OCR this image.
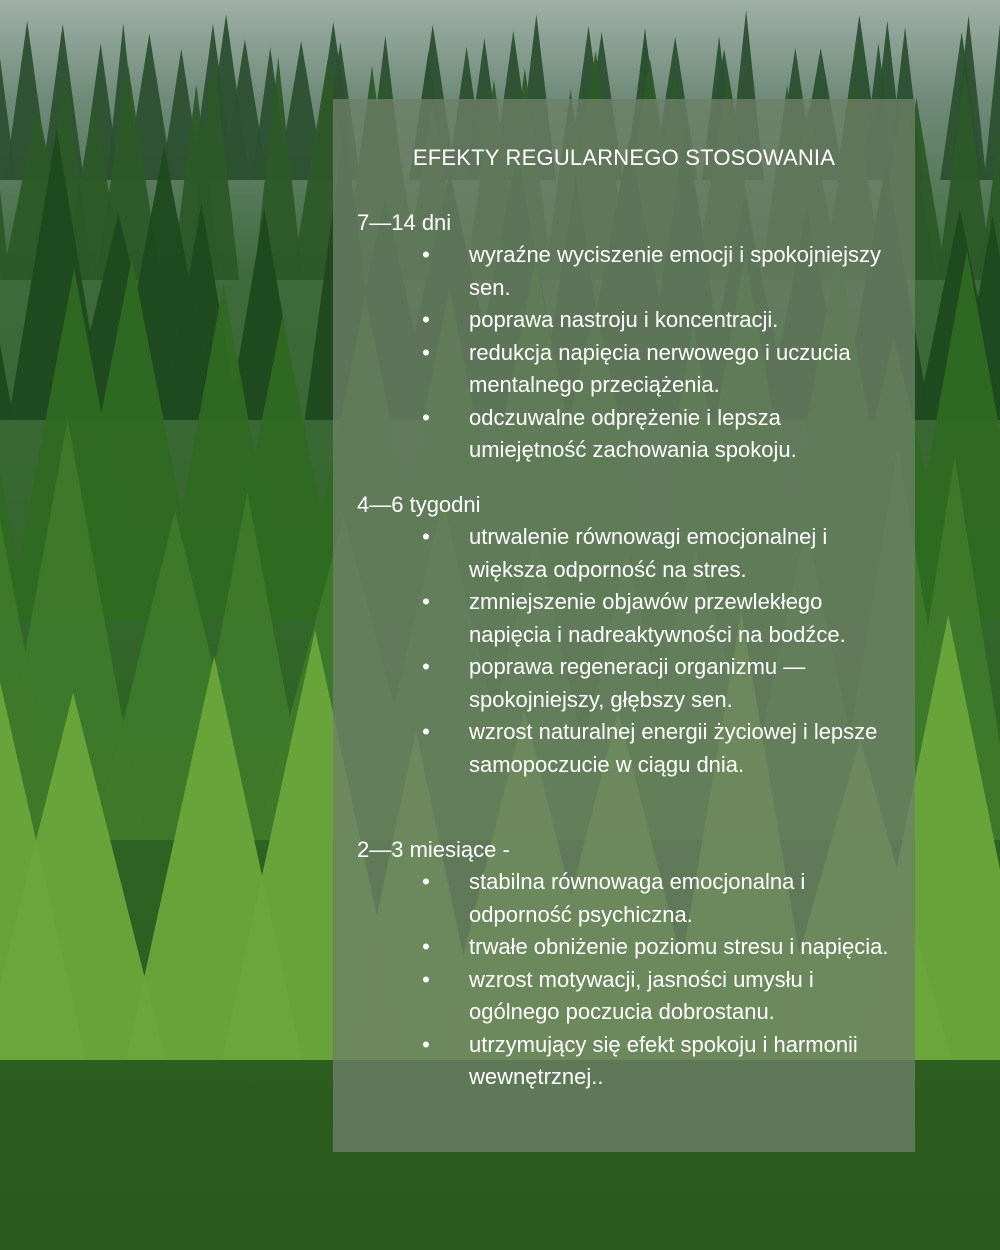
EFEKTY REGULARNEGO STOSOWANIA

7—14 dni

• wyraźne wyciszenie emocji i spokojniejszy sen.
• poprawa nastroju i koncentracji.
• redukcja napięcia nerwowego i uczucia mentalnego przeciążenia.
• odczuwalne odprężenie i lepsza umiejętność zachowania spokoju.

4—6 tygodni

• utrwalenie równowagi emocjonalnej i większa odporność na stres.
• zmniejszenie objawów przewlekłego napięcia i nadreaktywności na bodźce.
• poprawa regeneracji organizmu — spokojniejszy, głębszy sen.
• wzrost naturalnej energii życiowej i lepsze samopoczucie w ciągu dnia.

2—3 miesiące -

• stabilna równowaga emocjonalna i odporność psychiczna.
• trwałe obniżenie poziomu stresu i napięcia.
• wzrost motywacji, jasności umysłu i ogólnego poczucia dobrostanu.
• utrzymujący się efekt spokoju i harmonii wewnętrznej..
